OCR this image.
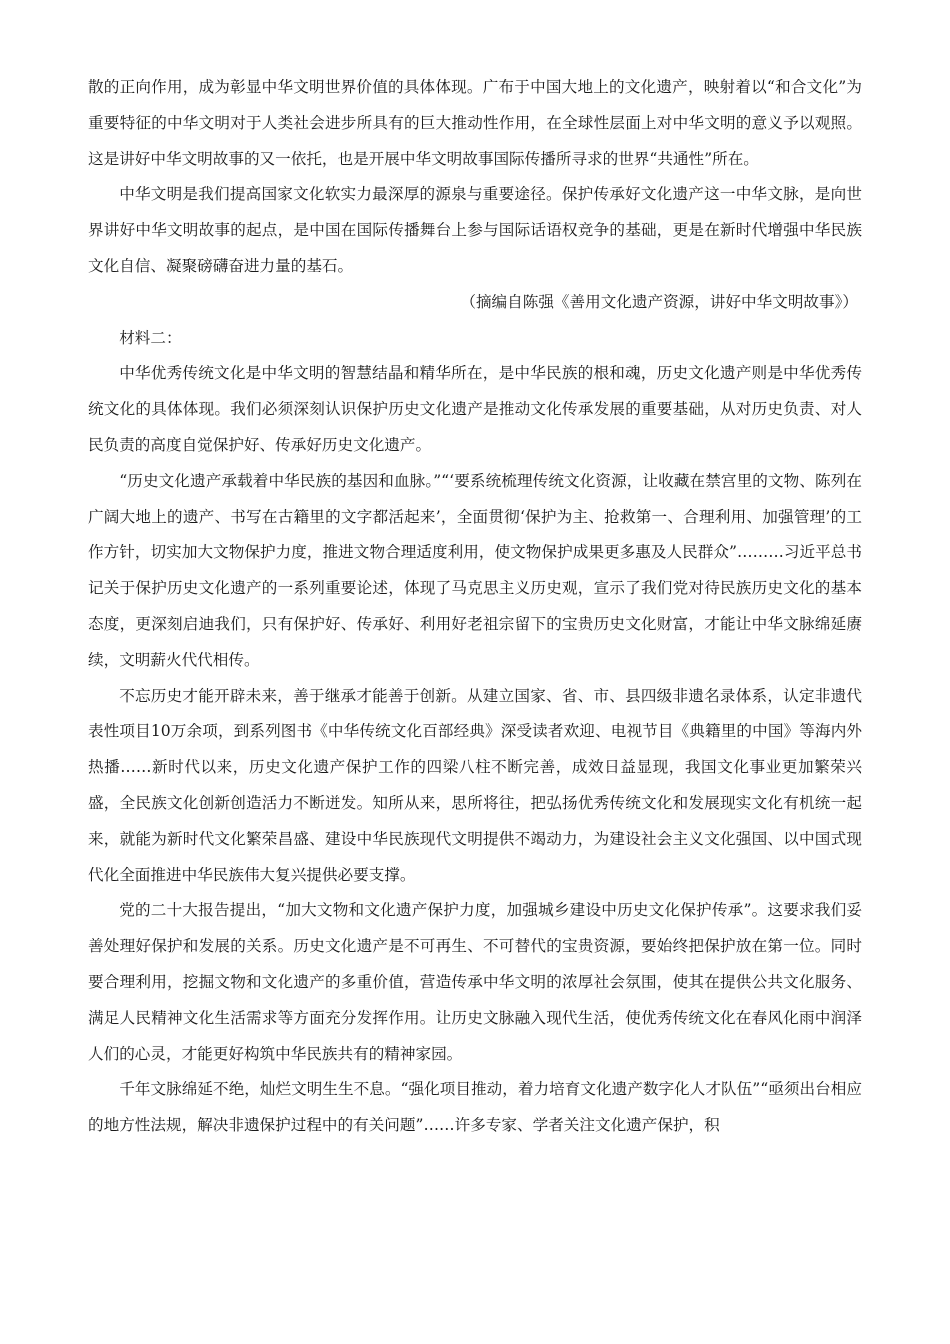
散的正向作用，成为彰显中华文明世界价值的具体体现。广布于中国大地上的文化遗产，映射着以“和合文化”为重要特征的中华文明对于人类社会进步所具有的巨大推动性作用，在全球性层面上对中华文明的意义予以观照。这是讲好中华文明故事的又一依托，也是开展中华文明故事国际传播所寻求的世界“共通性”所在。

中华文明是我们提高国家文化软实力最深厚的源泉与重要途径。保护传承好文化遗产这一中华文脉，是向世界讲好中华文明故事的起点，是中国在国际传播舞台上参与国际话语权竞争的基础，更是在新时代增强中华民族文化自信、凝聚磅礴奋进力量的基石。

（摘编自陈强《善用文化遗产资源，讲好中华文明故事》）

材料二：

中华优秀传统文化是中华文明的智慧结晶和精华所在，是中华民族的根和魂，历史文化遗产则是中华优秀传统文化的具体体现。我们必须深刻认识保护历史文化遗产是推动文化传承发展的重要基础，从对历史负责、对人民负责的高度自觉保护好、传承好历史文化遗产。

“历史文化遗产承载着中华民族的基因和血脉。”“‘要系统梳理传统文化资源，让收藏在禁宫里的文物、陈列在广阔大地上的遗产、书写在古籍里的文字都活起来’，全面贯彻‘保护为主、抢救第一、合理利用、加强管理’的工作方针，切实加大文物保护力度，推进文物合理适度利用，使文物保护成果更多惠及人民群众”………习近平总书记关于保护历史文化遗产的一系列重要论述，体现了马克思主义历史观，宣示了我们党对待民族历史文化的基本态度，更深刻启迪我们，只有保护好、传承好、利用好老祖宗留下的宝贵历史文化财富，才能让中华文脉绵延赓续，文明薪火代代相传。

不忘历史才能开辟未来，善于继承才能善于创新。从建立国家、省、市、县四级非遗名录体系，认定非遗代表性项目10万余项，到系列图书《中华传统文化百部经典》深受读者欢迎、电视节目《典籍里的中国》等海内外热播……新时代以来，历史文化遗产保护工作的四梁八柱不断完善，成效日益显现，我国文化事业更加繁荣兴盛，全民族文化创新创造活力不断迸发。知所从来，思所将往，把弘扬优秀传统文化和发展现实文化有机统一起来，就能为新时代文化繁荣昌盛、建设中华民族现代文明提供不竭动力，为建设社会主义文化强国、以中国式现代化全面推进中华民族伟大复兴提供必要支撑。

党的二十大报告提出，“加大文物和文化遗产保护力度，加强城乡建设中历史文化保护传承”。这要求我们妥善处理好保护和发展的关系。历史文化遗产是不可再生、不可替代的宝贵资源，要始终把保护放在第一位。同时要合理利用，挖掘文物和文化遗产的多重价值，营造传承中华文明的浓厚社会氛围，使其在提供公共文化服务、满足人民精神文化生活需求等方面充分发挥作用。让历史文脉融入现代生活，使优秀传统文化在春风化雨中润泽人们的心灵，才能更好构筑中华民族共有的精神家园。

千年文脉绵延不绝，灿烂文明生生不息。“强化项目推动，着力培育文化遗产数字化人才队伍”“亟须出台相应的地方性法规，解决非遗保护过程中的有关问题”……许多专家、学者关注文化遗产保护，积
